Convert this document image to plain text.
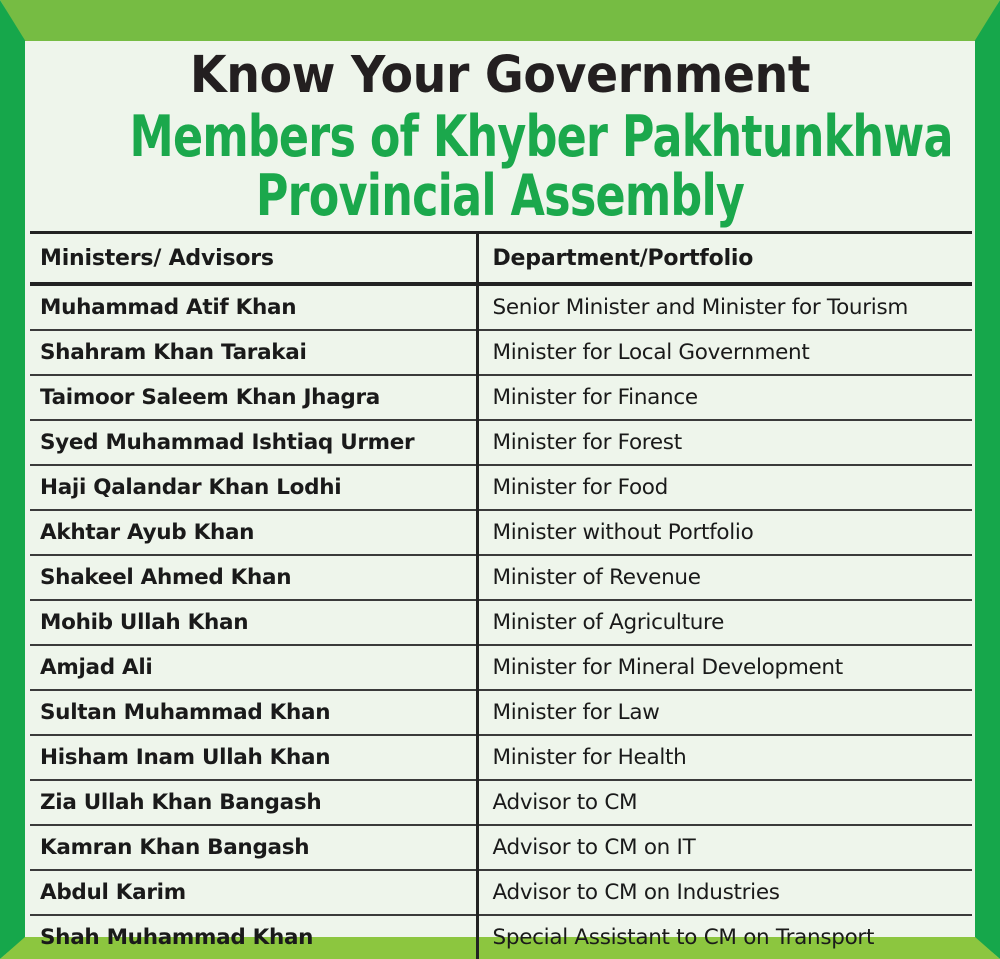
Know Your Government
Members of Khyber Pakhtunkhwa
Provincial Assembly
Ministers/ Advisors	Department/Portfolio
Muhammad Atif Khan	Senior Minister and Minister for Tourism
Shahram Khan Tarakai	Minister for Local Government
Taimoor Saleem Khan Jhagra	Minister for Finance
Syed Muhammad Ishtiaq Urmer	Minister for Forest
Haji Qalandar Khan Lodhi	Minister for Food
Akhtar Ayub Khan	Minister without Portfolio
Shakeel Ahmed Khan	Minister of Revenue
Mohib Ullah Khan	Minister of Agriculture
Amjad Ali	Minister for Mineral Development
Sultan Muhammad Khan	Minister for Law
Hisham Inam Ullah Khan	Minister for Health
Zia Ullah Khan Bangash	Advisor to CM
Kamran Khan Bangash	Advisor to CM on IT
Abdul Karim	Advisor to CM on Industries
Shah Muhammad Khan	Special Assistant to CM on Transport
